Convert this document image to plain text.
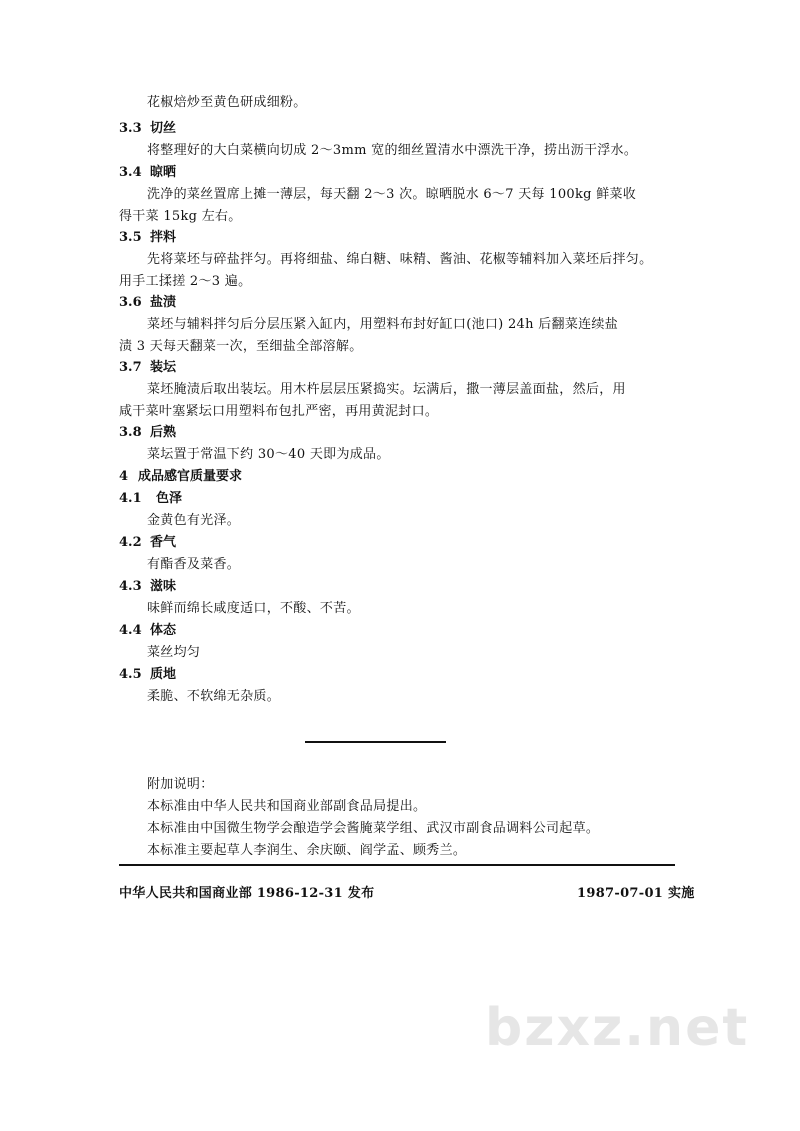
花椒焙炒至黄色研成细粉。
3.3 切丝
将整理好的大白菜横向切成 2～3mm 宽的细丝置清水中漂洗干净，捞出沥干浮水。
3.4 晾晒
洗净的菜丝置席上摊一薄层，每天翻 2～3 次。晾晒脱水 6～7 天每 100kg 鲜菜收
得干菜 15kg 左右。
3.5 拌料
先将菜坯与碎盐拌匀。再将细盐、绵白糖、味精、酱油、花椒等辅料加入菜坯后拌匀。
用手工揉搓 2～3 遍。
3.6 盐渍
菜坯与辅料拌匀后分层压紧入缸内，用塑料布封好缸口(池口) 24h 后翻菜连续盐
渍 3 天每天翻菜一次，至细盐全部溶解。
3.7 装坛
菜坯腌渍后取出装坛。用木杵层层压紧捣实。坛满后，撒一薄层盖面盐，然后，用
咸干菜叶塞紧坛口用塑料布包扎严密，再用黄泥封口。
3.8 后熟
菜坛置于常温下约 30～40 天即为成品。
4 成品感官质量要求
4.1 色泽
金黄色有光泽。
4.2 香气
有酯香及菜香。
4.3 滋味
味鲜而绵长咸度适口，不酸、不苦。
4.4 体态
菜丝均匀
4.5 质地
柔脆、不软绵无杂质。
附加说明：
本标准由中华人民共和国商业部副食品局提出。
本标准由中国微生物学会酿造学会酱腌菜学组、武汉市副食品调料公司起草。
本标准主要起草人李润生、余庆颐、阎学孟、顾秀兰。
中华人民共和国商业部 1986-12-31 发布	1987-07-01 实施
bzxz.net
